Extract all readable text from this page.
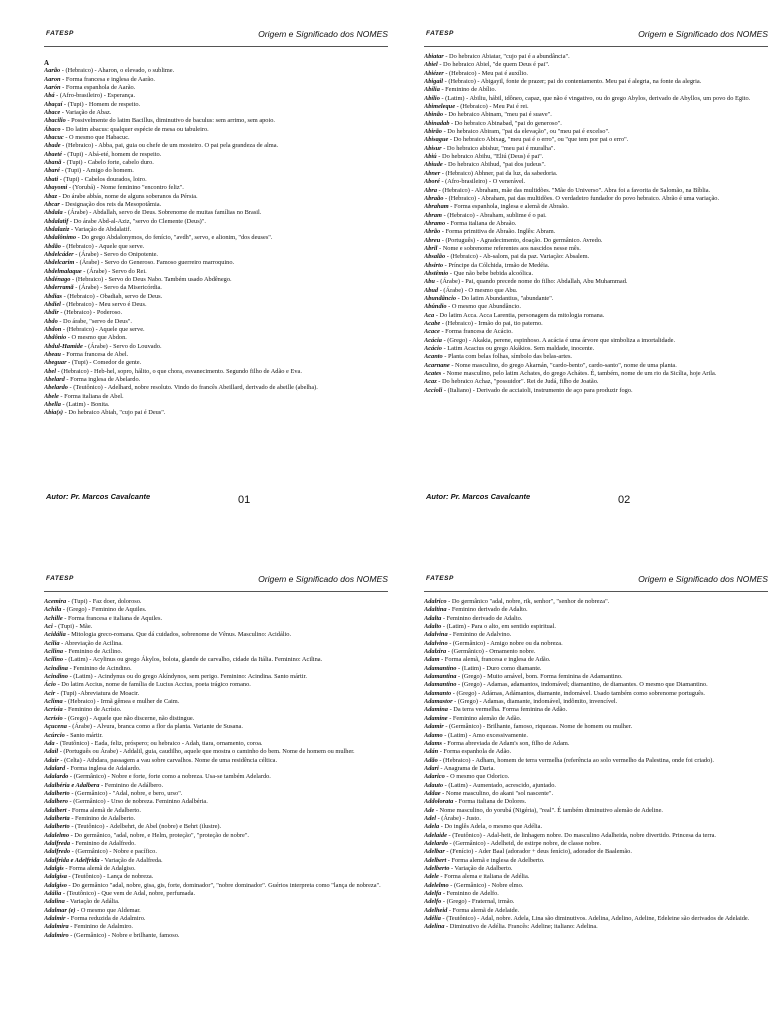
FATESP	Origem e Significado dos NOMES

A

Aarão - (Hebraico) - Aharon, o elevado, o sublime.

Aaron - Forma francesa e inglesa de Aarão.

Aarón - Forma espanhola de Aarão.

Abá - (Afro-brasileiro) - Esperança.

Abaçaí - (Tupi) - Homem de respeito.

Abace - Variação de Abaz.

Abacilio - Possivelmente do latim Bacillus, diminutivo de baculus: sem arrimo, sem apoio.

Ábaco - Do latim abacus: qualquer espécie de mesa ou tabuleiro.

Abacuc - O mesmo que Habacuc.

Abade - (Hebraico) - Abba, pai, guia ou chefe de um mosteiro. O pai pela grandeza de alma.

Abaeté - (Tupi) - Abá-eté, homem de respeito.

Abanã - (Tupi) - Cabelo forte, cabelo duro.

Abaré - (Tupi) - Amigo do homem.

Abati - (Tupi) - Cabelos dourados, loiro.

Abayomi - (Yorubá) - Nome feminino "encontro feliz".

Abaz - Do árabe abbás, nome de alguns soberanos da Pérsia.

Abcar - Designação dos reis da Mesopotâmia.

Abdala - (Árabe) - Abdallah, servo de Deus. Sobrenome de muitas famílias no Brasil.

Abdalatif - Do árabe Abd-al-Aziz, "servo do Clemente (Deus)".

Abdalaziz - Variação de Abdalatif.

Abdalônimo - Do grego Abdalonymos, do fenício, "avdh", servo, e alionim, "dos deuses".

Abdão - (Hebraico) - Aquele que serve.

Abdelcáder - (Árabe) - Servo do Onipotente.

Abdelcarim - (Árabe) - Servo do Generoso. Famoso guerreiro marroquino.

Abdelmalaque - (Árabe) - Servo do Rei.

Abdénago - (Hebraico) - Servo do Deus Nabo. Também usado Abdênego.

Abderramã - (Árabe) - Servo da Misericórdia.

Abdias - (Hebraico) - Obadiah, servo de Deus.

Abdiel - (Hebraico) - Meu servo é Deus.

Abdir - (Hebraico) - Poderoso.

Abdo - Do árabe, "servo de Deus".

Abdon - (Hebraico) - Aquele que serve.

Abdônio - O mesmo que Abdon.

Abdul-Hamide - (Árabe) - Servo do Louvado.

Abeau - Forma francesa de Abel.

Abeguar - (Tupi) - Comedor de gente.

Abel - (Hebraico) - Heb-hel, sopro, hálito, o que chora, esvanecimento. Segundo filho de Adão e Eva.

Abelard - Forma inglesa de Abelardo.

Abelardo - (Teutônico) - Adelhard, nobre resoluto. Vindo do francês Abeillard, derivado de abeille (abelha).

Abele - Forma italiana de Abel.

Abella - (Latim) - Bonita.

Abia(s) - Do hebraico Abiah, "cujo pai é Deus".

Autor: Pr. Marcos Cavalcante	01
FATESP	Origem e Significado dos NOMES

Abiatar - Do hebraico Abiatar, "cujo pai é a abundância".

Abiel - Do hebraico Abiel, "de quem Deus é pai".

Abiézer - (Hebraico) - Meu pai é auxílio.

Abigail - (Hebraico) - Abigayil, fonte de prazer; pai do contentamento. Meu pai é alegria, na fonte da alegria.

Abília - Feminino de Abílio.

Abílio - (Latim) - Abiliu, hábil, idôneo, capaz, que não é vingativo, ou do grego Abylos, derivado de Abyllos, um povo do Egito.

Abimeleque - (Hebraico) - Meu Pai é rei.

Abinão - Do hebraico Abinam, "meu pai é suave".

Abinadab - Do hebraico Abinabad, "pai do generoso".

Abirão - Do hebraico Abiram, "pai da elevação", ou "meu pai é excelso".

Abisague - Do hebraico Abixag, "meu pai é o erro", ou "que tem por pai o erro".

Abisur - Do hebraico abishur, "meu pai é muralha".

Abiú - Do hebraico Abihu, "Eliú (Deus) é pai".

Abiude - Do hebraico Abihud, "pai dos judeus".

Abner - (Hebraico) Abhner, pai da luz, da sabedoria.

Aboré - (Afro-brasileiro) - O venerável.

Abra - (Hebraico) - Abraham, mãe das multidões. "Mãe do Universo". Abra foi a favorita de Salomão, na Bíblia.

Abraão - (Hebraico) - Abraham, pai das multidões. O verdadeiro fundador do povo hebraico. Abrão é uma variação.

Abraham - Forma espanhola, inglesa e alemã de Abraão.

Abram - (Hebraico) - Abraham, sublime é o pai.

Abramo - Forma italiana de Abraão.

Abrão - Forma primitiva de Abraão. Inglês: Abram.

Abreu - (Português) - Agradecimento, doação. Do germânico. Avredo.

Abril - Nome e sobrenome referentes aos nascidos nesse mês.

Absalão - (Hebraico) - Ab-salom, pai da paz. Variação: Absalem.

Absirto - Príncipe da Cólchida, irmão de Medéia.

Abstêmio - Que não bebe bebida alcoólica.

Abu - (Árabe) - Pai, quando precede nome do filho: Abdallah, Abu Muhammad.

Abud - (Árabe) - O mesmo que Abu.

Abundâncio - Do latim Abundantius, "abundante".

Abúndio - O mesmo que Abundâncio.

Aca - Do latim Acca. Acca Larentia, personagem da mitologia romana.

Acabe - (Hebraico) - Irmão do pai, tio paterno.

Acace - Forma francesa de Acácio.

Acácia - (Grego) - Akakia, perene, espinhoso. A acácia é uma árvore que simboliza a imortalidade.

Acácio - Latim Acacius ou grego Akákios. Sem maldade, inocente.

Acanto - Planta com belas folhas, símbolo das belas-artes.

Acarnane - Nome masculino, do grego Akarnán, "cardo-bento", cardo-santo", nome de uma planta.

Acates - Nome masculino, pelo latim Achates, do grego Achátes. É, também, nome de um rio da Sicília, hoje Arila.

Acaz - Do hebraico Achaz, "possuidor". Rei de Judá, filho de Joatão.

Accioli - (Italiano) - Derivado de acciaioli, instrumento de aço para produzir fogo.

Autor: Pr. Marcos Cavalcante	02
FATESP	Origem e Significado dos NOMES

Acemira - (Tupi) - Faz doer, doloroso.

Achila - (Grego) - Feminino de Aquiles.

Achille - Forma francesa e italiana de Aquiles.

Aci - (Tupi) - Mãe.

Acidália - Mitologia greco-romana. Que dá cuidados, sobrenome de Vênus. Masculino: Acidálio.

Acília - Abreviação de Acilina.

Acilina - Feminino de Acilino.

Acilino - (Latim) - Acylinus ou grego Ákylos, bolota, glande de carvalho, cidade da Itália. Feminino: Acilina.

Acindina - Feminino de Acindino.

Acindino - (Latim) - Acindynus ou do grego Akíndynos, sem perigo. Feminino: Acindina. Santo mártir.

Ácio - Do latim Accius, nome de família de Lucius Accius, poeta trágico romano.

Acir - (Tupi) -Abreviatura de Moacir.

Aclima - (Hebraico) - Irmã gêmea e mulher de Caim.

Acrísia - Feminino de Acrísio.

Acrísio - (Grego) - Aquele que não discerne, não distingue.

Açucena - (Árabe) - Alvura, branca como a flor da planta. Variante de Susana.

Acúrcio - Santo mártir.

Ada - (Teutônico) - Eada, feliz, próspero; ou hebraico - Adah, tiara, ornamento, coroa.

Adail - (Português ou Árabe) - Addalil, guia, caudilho, aquele que mostra o caminho do bem. Nome de homem ou mulher.

Adair - (Celta) - Athdara, passagem a vau sobre carvalhos. Nome de uma residência céltica.

Adalard - Forma inglesa de Adalardo.

Adalardo - (Germânico) - Nobre e forte, forte como a nobreza. Usa-se também Adelardo.

Adalbéria e Adalbera - Feminino de Adálbero.

Adalberto - (Germânico) - "Adal, nobre, e bero, urso".

Adalbero - (Germânico) - Urso de nobreza. Feminino Adalbéria.

Adalbert - Forma alemã de Adalberto.

Adalberta - Feminino de Adalberto.

Adalberto - (Teutônico) - Adelbehrt, de Abel (nobre) e Behrt (ilustre).

Adalelmo - Do germânico, "adal, nobre, e Helm, proteção", "proteção de nobre".

Adalfreda - Feminino de Adalfredo.

Adalfredo - (Germânico) - Nobre e pacífico.

Adalfrida e Adelfrida - Variação de Adalfreda.

Adalgis - Forma alemã de Adalgiso.

Adalgisa - (Teutônico) - Lança de nobreza.

Adalgiso - Do germânico "adal, nobre, gisa, gis, forte, dominador", "nobre dominador". Guérios interpreta como "lança de nobreza".

Adália - (Teutônico) - Que vem de Adal, nobre, perfumada.

Adalina - Variação de Adália.

Adalmar (e) - O mesmo que Aldemar.

Adalmir - Forma reduzida de Adalmiro.

Adalmira - Feminino de Adalmiro.

Adalmiro - (Germânico) - Nobre e brilhante, famoso.

FATESP	Origem e Significado dos NOMES

Adalrico - Do germânico "adal, nobre, rik, senhor", "senhor de nobreza".

Adaltina - Feminino derivado de Adalto.

Adalta - Feminino derivado de Adalto.

Adalto - (Latim) - Para o alto, em sentido espiritual.

Adalvina - Feminino de Adalvino.

Adalvino - (Germânico) - Amigo nobre ou da nobreza.

Adalzira - (Germânico) - Ornamento nobre.

Adam - Forma alemã, francesa e inglesa de Adão.

Adamantino - (Latim) - Duro como diamante.

Adamantina - (Grego) - Muito amável, bom. Forma feminina de Adamantino.

Adamantino - (Grego) - Adamas, adamantos, indomável; diamantino, de diamantes. O mesmo que Diamantino.

Adamanto - (Grego) - Adámas, Adámantos, diamante, indomável. Usado também como sobrenome português.

Adamastor - (Grego) - Adamas, diamante, indomável, indômito, invencível.

Adamina - Da terra vermelha. Forma feminina de Adão.

Adamine - Feminino alemão de Adão.

Adamir - (Germânico) - Brilhante, famoso, riquezas. Nome de homem ou mulher.

Adamo - (Latim) - Amo excessivamente.

Adams - Forma abreviada de Adam's son, filho de Adam.

Adán - Forma espanhola de Adão.

Adão - (Hebraico) - Adham, homem de terra vermelha (referência ao solo vermelho da Palestina, onde foi criado).

Adari - Anagrama de Daria.

Adarico - O mesmo que Odorico.

Adauto - (Latim) - Aumentado, acrescido, ajuntado.

Addae - Nome masculino, do akani "sol nascente".

Addolorata - Forma italiana de Dolores.

Ade - Nome masculino, do yorubá (Nigéria), "real". É também diminutivo alemão de Adeline.

Adel - (Árabe) - Justo.

Adela - Do inglês Adela, o mesmo que Adélia.

Adelaide - (Teutônico) - Adal-heit, de linhagem nobre. Do masculino Adalheida, nobre divertido. Princesa da terra.

Adelardo - (Germânico) - Adelheid, de estirpe nobre, de classe nobre.

Adelbar - (Fenício) - Ader Baal (adorador + deus fenício), adorador de Baalemão.

Adelbert - Forma alemã e inglesa de Adelberto.

Adelberto - Variação de Adalberto.

Adele - Forma alema e italiana de Adélia.

Adelelmo - (Germânico) - Nobre elmo.

Adelfa - Feminino de Adelfo.

Adelfo - (Grego) - Fraternal, irmão.

Adelheid - Forma alemã de Adelaide.

Adélia - (Teutônico) - Adal, nobre. Adela, Lina são diminutivos. Adelina, Adelino, Adeline, Edeleine são derivados de Adelaide.

Adelina - Diminutivo de Adélia. Francês: Adeline; italiano: Adelina.
